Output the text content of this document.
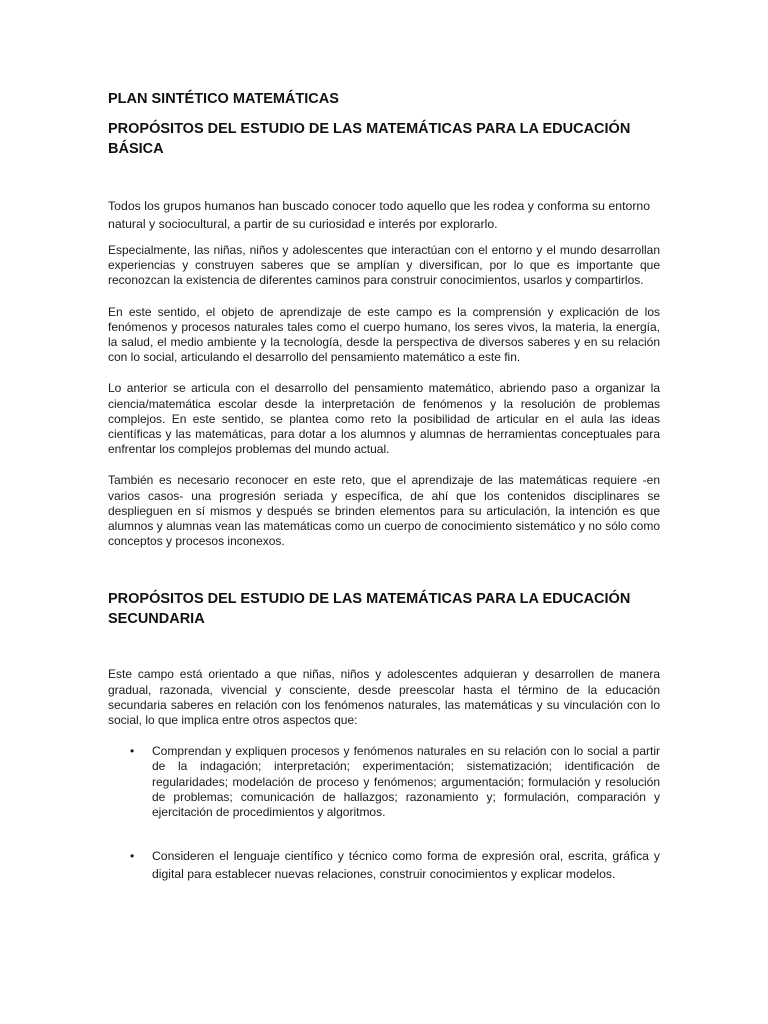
PLAN SINTÉTICO MATEMÁTICAS
PROPÓSITOS DEL ESTUDIO DE LAS MATEMÁTICAS PARA LA EDUCACIÓN BÁSICA

Todos los grupos humanos han buscado conocer todo aquello que les rodea y conforma su entorno natural y sociocultural, a partir de su curiosidad e interés por explorarlo.

Especialmente, las niñas, niños y adolescentes que interactúan con el entorno y el mundo desarrollan experiencias y construyen saberes que se amplían y diversifican, por lo que es importante que reconozcan la existencia de diferentes caminos para construir conocimientos, usarlos y compartirlos.

En este sentido, el objeto de aprendizaje de este campo es la comprensión y explicación de los fenómenos y procesos naturales tales como el cuerpo humano, los seres vivos, la materia, la energía, la salud, el medio ambiente y la tecnología, desde la perspectiva de diversos saberes y en su relación con lo social, articulando el desarrollo del pensamiento matemático a este fin.

Lo anterior se articula con el desarrollo del pensamiento matemático, abriendo paso a organizar la ciencia/matemática escolar desde la interpretación de fenómenos y la resolución de problemas complejos. En este sentido, se plantea como reto la posibilidad de articular en el aula las ideas científicas y las matemáticas, para dotar a los alumnos y alumnas de herramientas conceptuales para enfrentar los complejos problemas del mundo actual.

También es necesario reconocer en este reto, que el aprendizaje de las matemáticas requiere -en varios casos- una progresión seriada y específica, de ahí que los contenidos disciplinares se desplieguen en sí mismos y después se brinden elementos para su articulación, la intención es que alumnos y alumnas vean las matemáticas como un cuerpo de conocimiento sistemático y no sólo como conceptos y procesos inconexos.

PROPÓSITOS DEL ESTUDIO DE LAS MATEMÁTICAS PARA LA EDUCACIÓN SECUNDARIA

Este campo está orientado a que niñas, niños y adolescentes adquieran y desarrollen de manera gradual, razonada, vivencial y consciente, desde preescolar hasta el término de la educación secundaria saberes en relación con los fenómenos naturales, las matemáticas y su vinculación con lo social, lo que implica entre otros aspectos que:

• Comprendan y expliquen procesos y fenómenos naturales en su relación con lo social a partir de la indagación; interpretación; experimentación; sistematización; identificación de regularidades; modelación de proceso y fenómenos; argumentación; formulación y resolución de problemas; comunicación de hallazgos; razonamiento y; formulación, comparación y ejercitación de procedimientos y algoritmos.
• Consideren el lenguaje científico y técnico como forma de expresión oral, escrita, gráfica y digital para establecer nuevas relaciones, construir conocimientos y explicar modelos.
